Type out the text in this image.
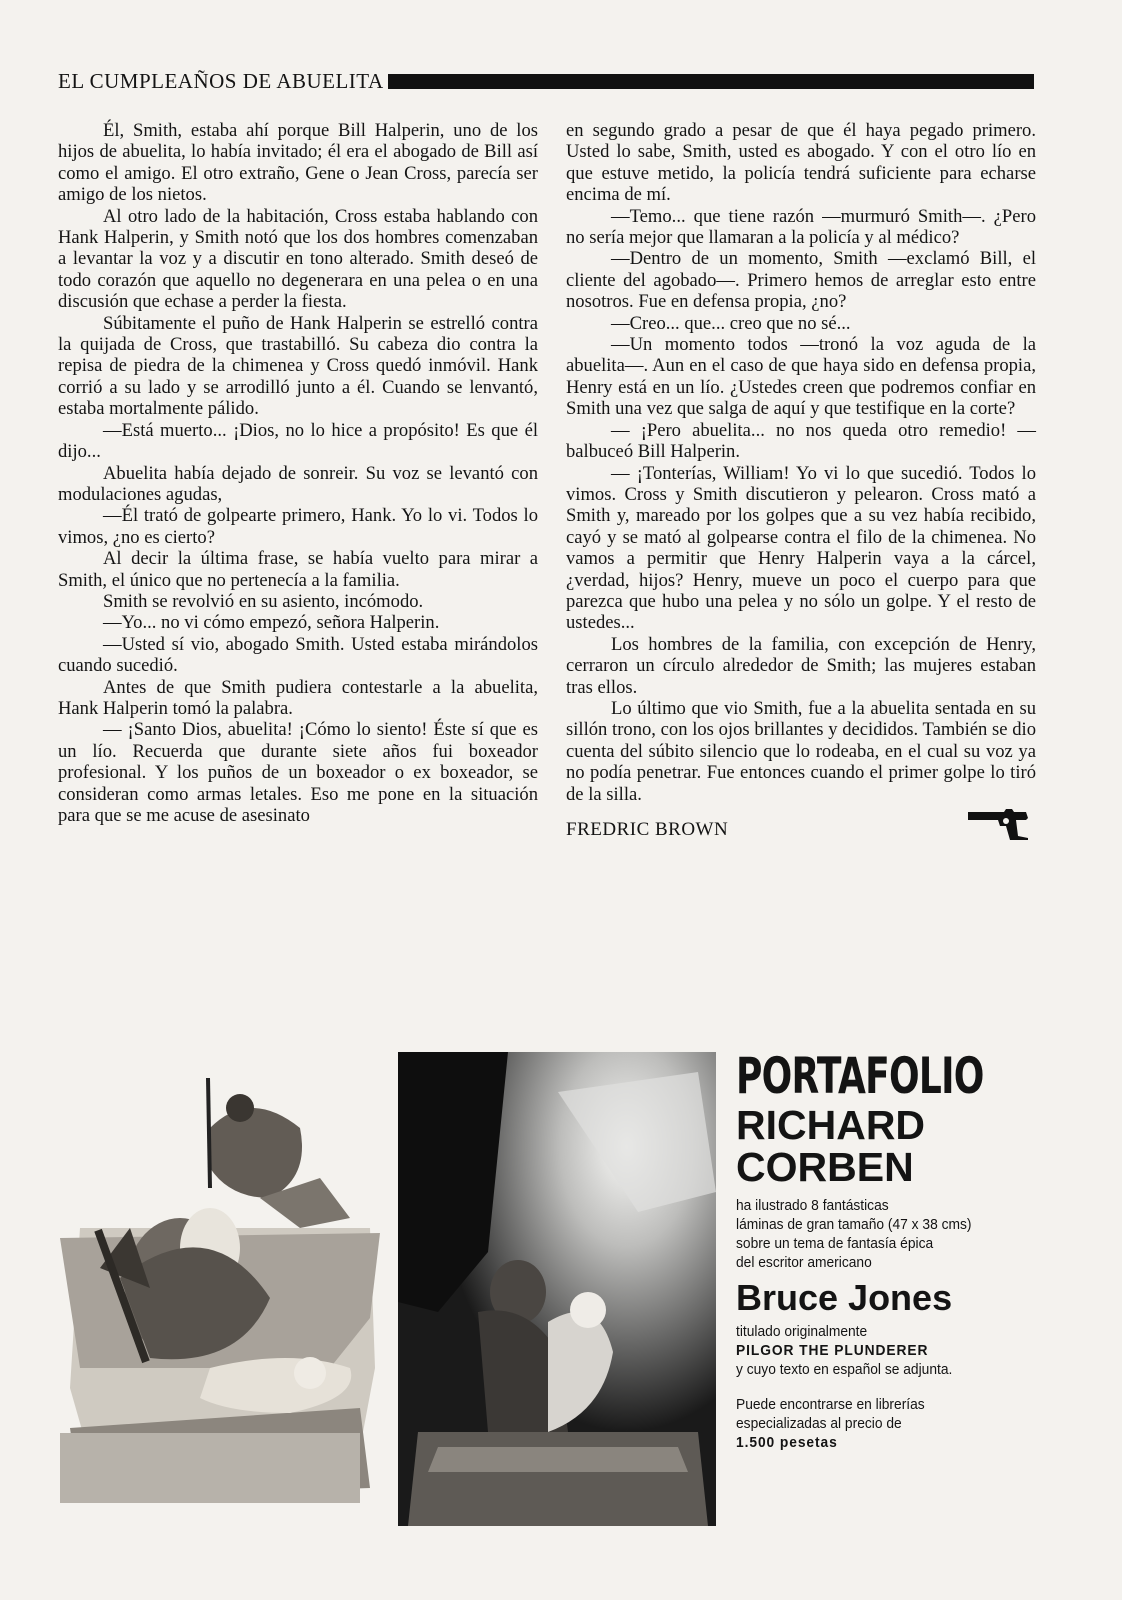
EL CUMPLEAÑOS DE ABUELITA

Él, Smith, estaba ahí porque Bill Halperin, uno de los hijos de abuelita, lo había invitado; él era el abogado de Bill así como el amigo. El otro extraño, Gene o Jean Cross, parecía ser amigo de los nietos.

Al otro lado de la habitación, Cross estaba hablando con Hank Halperin, y Smith notó que los dos hombres comenzaban a levantar la voz y a discutir en tono alterado. Smith deseó de todo corazón que aquello no degenerara en una pelea o en una discusión que echase a perder la fiesta.

Súbitamente el puño de Hank Halperin se estrelló contra la quijada de Cross, que trastabilló. Su cabeza dio contra la repisa de piedra de la chimenea y Cross quedó inmóvil. Hank corrió a su lado y se arrodilló junto a él. Cuando se lenvantó, estaba mortalmente pálido.

—Está muerto... ¡Dios, no lo hice a propósito! Es que él dijo...

Abuelita había dejado de sonreir. Su voz se levantó con modulaciones agudas,

—Él trató de golpearte primero, Hank. Yo lo vi. Todos lo vimos, ¿no es cierto?

Al decir la última frase, se había vuelto para mirar a Smith, el único que no pertenecía a la familia.

Smith se revolvió en su asiento, incómodo.

—Yo... no vi cómo empezó, señora Halperin.

—Usted sí vio, abogado Smith. Usted estaba mirándolos cuando sucedió.

Antes de que Smith pudiera contestarle a la abuelita, Hank Halperin tomó la palabra.

— ¡Santo Dios, abuelita! ¡Cómo lo siento! Éste sí que es un lío. Recuerda que durante siete años fui boxeador profesional. Y los puños de un boxeador o ex boxeador, se consideran como armas letales. Eso me pone en la situación para que se me acuse de asesinato

en segundo grado a pesar de que él haya pegado primero. Usted lo sabe, Smith, usted es abogado. Y con el otro lío en que estuve metido, la policía tendrá suficiente para echarse encima de mí.

—Temo... que tiene razón —murmuró Smith—. ¿Pero no sería mejor que llamaran a la policía y al médico?

—Dentro de un momento, Smith —exclamó Bill, el cliente del agobado—. Primero hemos de arreglar esto entre nosotros. Fue en defensa propia, ¿no?

—Creo... que... creo que no sé...

—Un momento todos —tronó la voz aguda de la abuelita—. Aun en el caso de que haya sido en defensa propia, Henry está en un lío. ¿Ustedes creen que podremos confiar en Smith una vez que salga de aquí y que testifique en la corte?

— ¡Pero abuelita... no nos queda otro remedio! —balbuceó Bill Halperin.

— ¡Tonterías, William! Yo vi lo que sucedió. Todos lo vimos. Cross y Smith discutieron y pelearon. Cross mató a Smith y, mareado por los golpes que a su vez había recibido, cayó y se mató al golpearse contra el filo de la chimenea. No vamos a permitir que Henry Halperin vaya a la cárcel, ¿verdad, hijos? Henry, mueve un poco el cuerpo para que parezca que hubo una pelea y no sólo un golpe. Y el resto de ustedes...

Los hombres de la familia, con excepción de Henry, cerraron un círculo alrededor de Smith; las mujeres estaban tras ellos.

Lo último que vio Smith, fue a la abuelita sentada en su sillón trono, con los ojos brillantes y decididos. También se dio cuenta del súbito silencio que lo rodeaba, en el cual su voz ya no podía penetrar. Fue entonces cuando el primer golpe lo tiró de la silla.

FREDRIC BROWN
PORTAFOLIO
RICHARD
CORBEN
ha ilustrado 8 fantásticas
láminas de gran tamaño (47 x 38 cms)
sobre un tema de fantasía épica
del escritor americano
Bruce Jones
titulado originalmente
PILGOR THE PLUNDERER
y cuyo texto en español se adjunta.
Puede encontrarse en librerías
especializadas al precio de
1.500 pesetas
